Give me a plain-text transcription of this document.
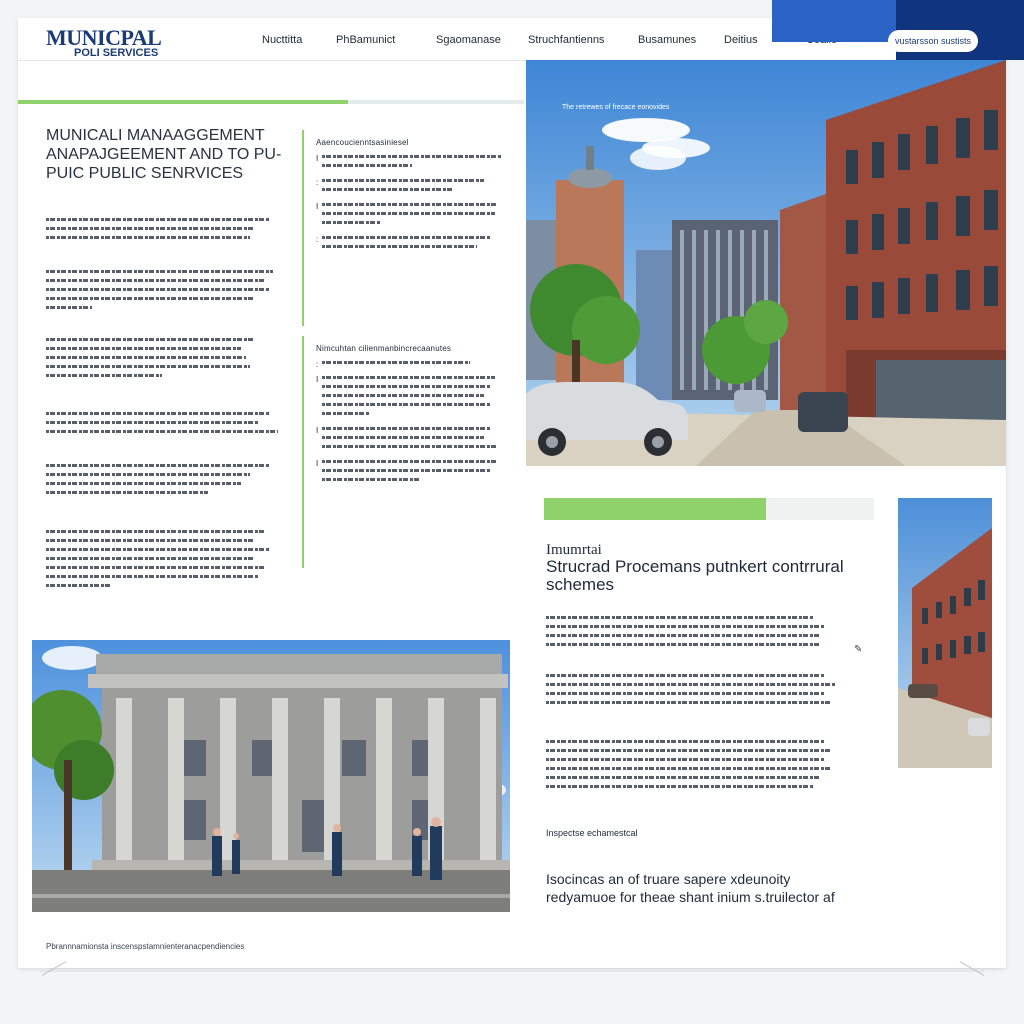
MUNICPAL
POLI SERVICES
Nucttitta	PhBamunict	Sgaomanase Struchfantienns	Busamunes	Deitius	vustarsson sustists
MUNICALI MANAAGGEMENT ANAPAJGEEMENT AND TO PU-PUIC PUBLIC SENRVICES
Aaencoucienntsasiniesel
I
:
I
:
Nimcuhtan cilienmanbincrecaanutes
:
I
I
I
The retrewes of frecace eonovides
Imumrtai
Strucrad Procemans putnkert contrrural schemes
Inspectse echamestcal
Isocincas an of truare sapere xdeunoity redyamuoe for theae shant inium s.truilector af
✎
Pbrannnamionsta inscenspstamnienteranacpendiencies
